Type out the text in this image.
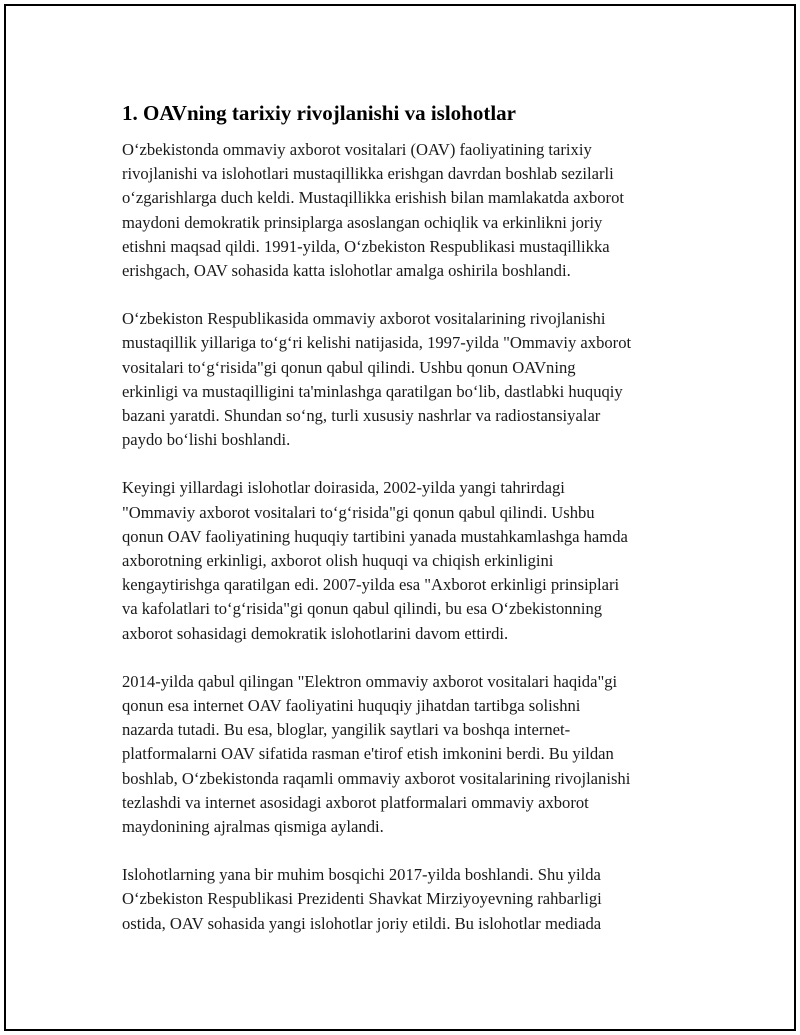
1. OAVning tarixiy rivojlanishi va islohotlar

O‘zbekistonda ommaviy axborot vositalari (OAV) faoliyatining tarixiy
rivojlanishi va islohotlari mustaqillikka erishgan davrdan boshlab sezilarli
o‘zgarishlarga duch keldi. Mustaqillikka erishish bilan mamlakatda axborot
maydoni demokratik prinsiplarga asoslangan ochiqlik va erkinlikni joriy
etishni maqsad qildi. 1991-yilda, O‘zbekiston Respublikasi mustaqillikka
erishgach, OAV sohasida katta islohotlar amalga oshirila boshlandi.

O‘zbekiston Respublikasida ommaviy axborot vositalarining rivojlanishi
mustaqillik yillariga to‘g‘ri kelishi natijasida, 1997-yilda "Ommaviy axborot
vositalari to‘g‘risida"gi qonun qabul qilindi. Ushbu qonun OAVning
erkinligi va mustaqilligini ta'minlashga qaratilgan bo‘lib, dastlabki huquqiy
bazani yaratdi. Shundan so‘ng, turli xususiy nashrlar va radiostansiyalar
paydo bo‘lishi boshlandi.

Keyingi yillardagi islohotlar doirasida, 2002-yilda yangi tahrirdagi
"Ommaviy axborot vositalari to‘g‘risida"gi qonun qabul qilindi. Ushbu
qonun OAV faoliyatining huquqiy tartibini yanada mustahkamlashga hamda
axborotning erkinligi, axborot olish huquqi va chiqish erkinligini
kengaytirishga qaratilgan edi. 2007-yilda esa "Axborot erkinligi prinsiplari
va kafolatlari to‘g‘risida"gi qonun qabul qilindi, bu esa O‘zbekistonning
axborot sohasidagi demokratik islohotlarini davom ettirdi.

2014-yilda qabul qilingan "Elektron ommaviy axborot vositalari haqida"gi
qonun esa internet OAV faoliyatini huquqiy jihatdan tartibga solishni
nazarda tutadi. Bu esa, bloglar, yangilik saytlari va boshqa internet-
platformalarni OAV sifatida rasman e'tirof etish imkonini berdi. Bu yildan
boshlab, O‘zbekistonda raqamli ommaviy axborot vositalarining rivojlanishi
tezlashdi va internet asosidagi axborot platformalari ommaviy axborot
maydonining ajralmas qismiga aylandi.

Islohotlarning yana bir muhim bosqichi 2017-yilda boshlandi. Shu yilda
O‘zbekiston Respublikasi Prezidenti Shavkat Mirziyoyevning rahbarligi
ostida, OAV sohasida yangi islohotlar joriy etildi. Bu islohotlar mediada
